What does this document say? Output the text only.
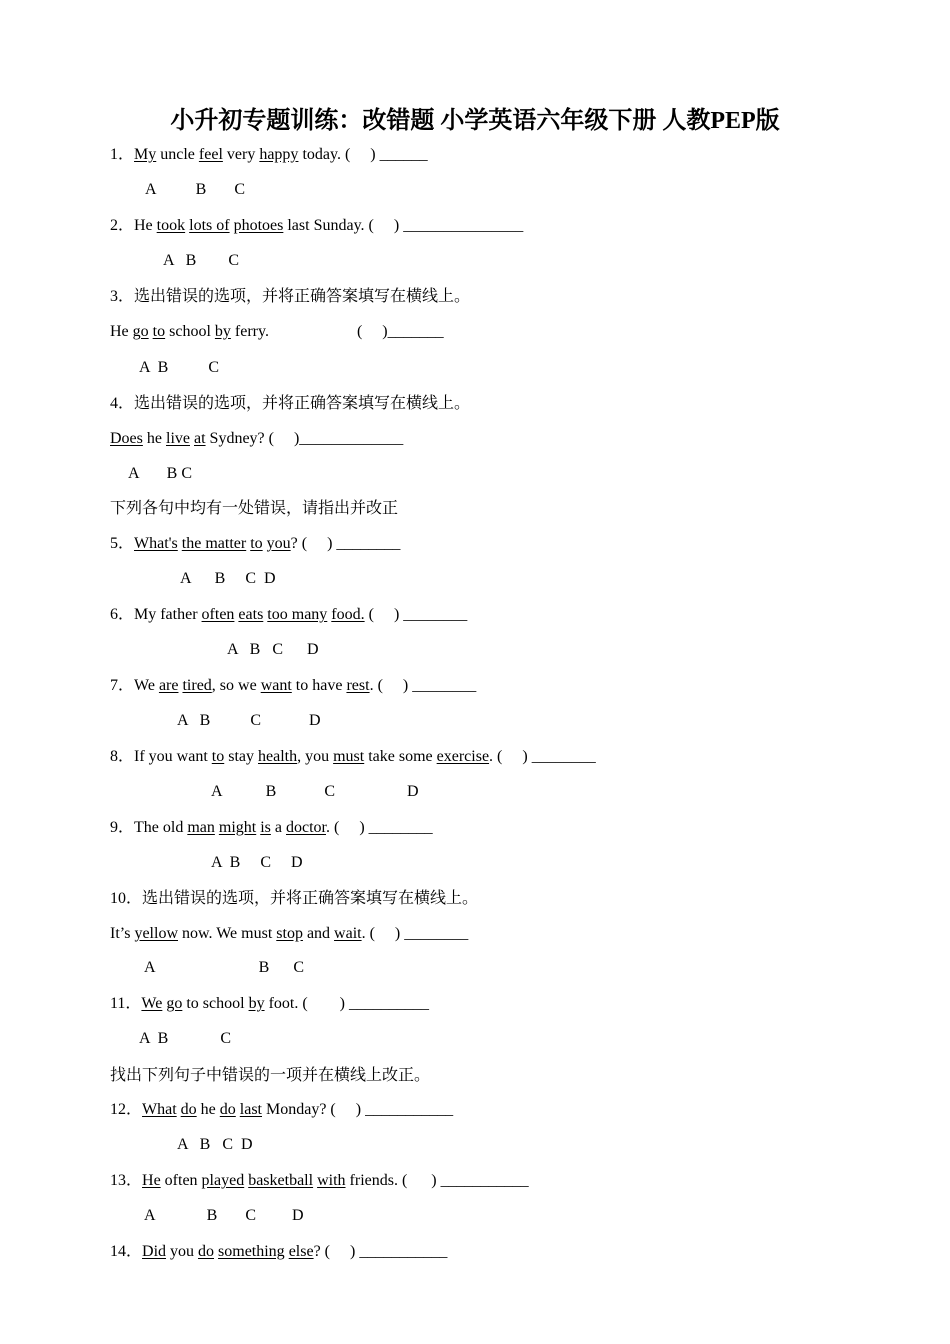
小升初专题训练：改错题 小学英语六年级下册 人教PEP版
1．My uncle feel very happy today. (     ) ______
A          B       C
2．He took lots of photoes last Sunday. (     ) _______________
A   B        C
3．选出错误的选项，并将正确答案填写在横线上。
He go to school by ferry.                      (     )_______
A  B          C
4．选出错误的选项，并将正确答案填写在横线上。
Does he live at Sydney? (     )_____________
A       B C
下列各句中均有一处错误，请指出并改正
5．What's the matter to you? (     ) ________
A      B     C  D
6．My father often eats too many food. (     ) ________
A   B   C      D
7．We are tired, so we want to have rest. (     ) ________
A   B          C            D
8．If you want to stay health, you must take some exercise. (     ) ________
A           B            C                  D
9．The old man might is a doctor. (     ) ________
A  B     C     D
10．选出错误的选项，并将正确答案填写在横线上。
It’s yellow now. We must stop and wait. (     ) ________
A                          B      C
11．We go to school by foot. (        ) __________
A  B             C
找出下列句子中错误的一项并在横线上改正。
12．What do he do last Monday? (     ) ___________
A   B   C  D
13．He often played basketball with friends. (      ) ___________
A             B       C         D
14．Did you do something else? (     ) ___________
